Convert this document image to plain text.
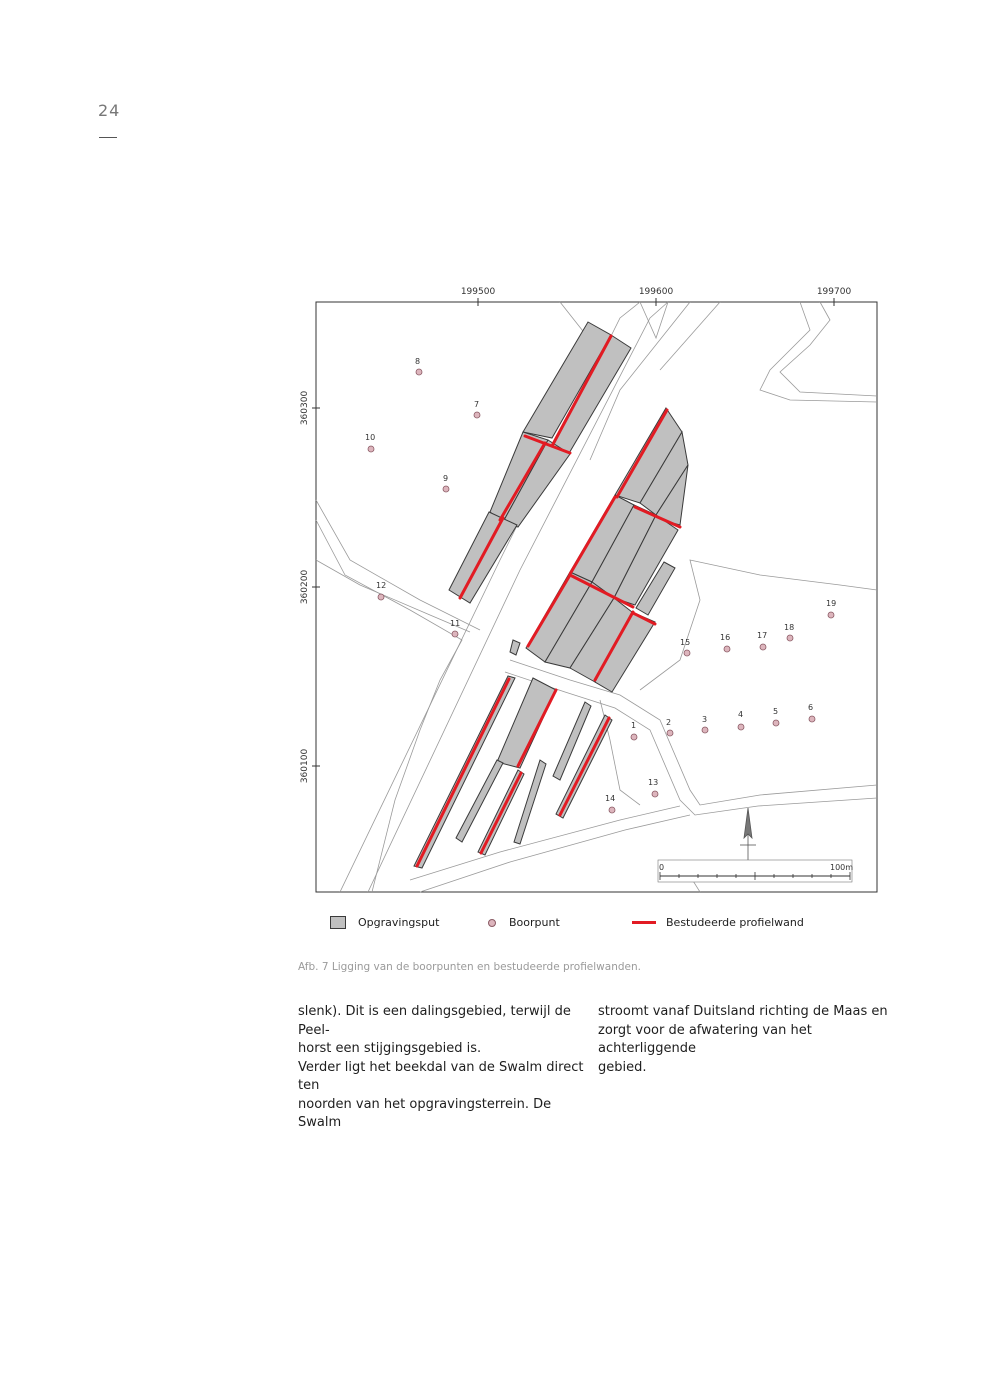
24
199500	199600	199700
360300
360200
360100
1	2	3
4	5	6
7
8
9
10
11
12
13
14
15
16	17
18
19
0	100m
Opgravingsput	Boorpunt	Bestudeerde profielwand
Afb. 7 Ligging van de boorpunten en bestudeerde profielwanden.
slenk). Dit is een dalingsgebied, terwijl de Peel-
horst een stijgingsgebied is.
Verder ligt het beekdal van de Swalm direct ten
noorden van het opgravingsterrein. De Swalm
stroomt vanaf Duitsland richting de Maas en
zorgt voor de afwatering van het achterliggende
gebied.
